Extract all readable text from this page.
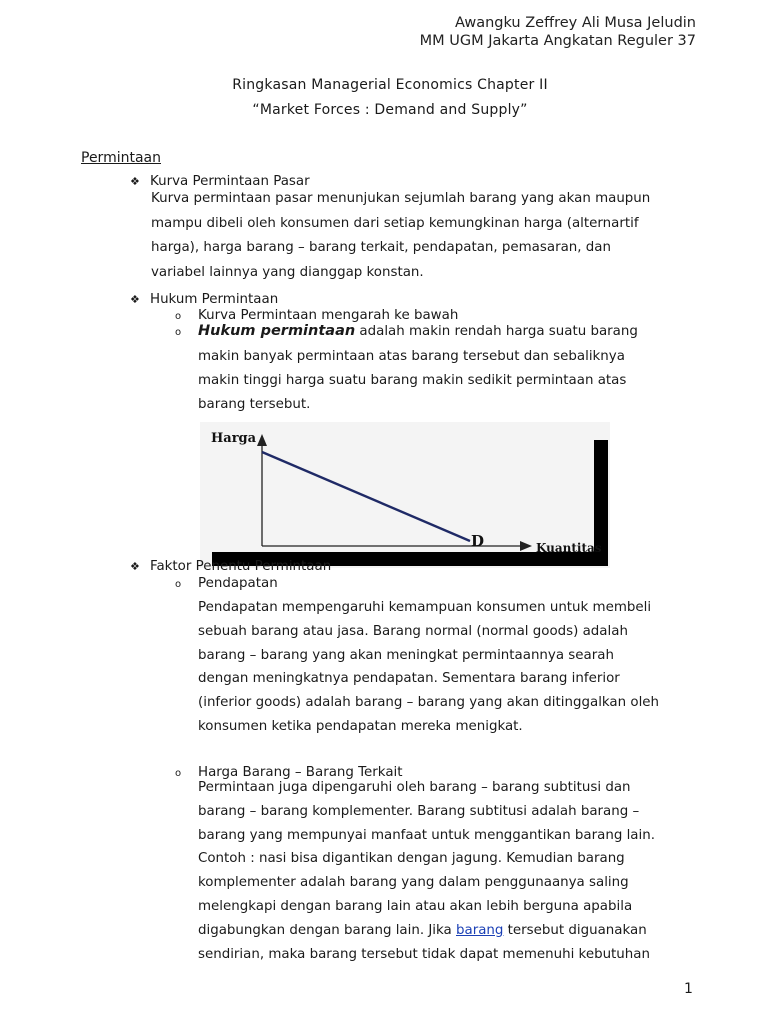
Awangku Zeffrey Ali Musa Jeludin
MM UGM Jakarta Angkatan Reguler 37
Ringkasan Managerial Economics Chapter II
“Market Forces : Demand and Supply”
Permintaan
❖ Kurva Permintaan Pasar

Kurva permintaan pasar menunjukan sejumlah barang yang akan maupun

mampu dibeli oleh konsumen dari setiap kemungkinan harga (alternartif

harga), harga barang – barang terkait, pendapatan, pemasaran, dan

variabel lainnya yang dianggap konstan.

❖ Hukum Permintaan
o Kurva Permintaan mengarah ke bawah
o Hukum permintaan adalah makin rendah harga suatu barang

makin banyak permintaan atas barang tersebut dan sebaliknya

makin tinggi harga suatu barang makin sedikit permintaan atas

barang tersebut.

Harga
Kuantitas
D
❖ Faktor Penentu Permintaan
o Pendapatan

Pendapatan mempengaruhi kemampuan konsumen untuk membeli

sebuah barang atau jasa. Barang normal (normal goods) adalah

barang – barang yang akan meningkat permintaannya searah

dengan meningkatnya pendapatan. Sementara barang inferior

(inferior goods) adalah barang – barang yang akan ditinggalkan oleh

konsumen ketika pendapatan mereka menigkat.

o Harga Barang – Barang Terkait

Permintaan juga dipengaruhi oleh barang – barang subtitusi dan

barang – barang komplementer. Barang subtitusi adalah barang –

barang yang mempunyai manfaat untuk menggantikan barang lain.

Contoh : nasi bisa digantikan dengan jagung. Kemudian barang

komplementer adalah barang yang dalam penggunaanya saling

melengkapi dengan barang lain atau akan lebih berguna apabila

digabungkan dengan barang lain. Jika barang tersebut diguanakan

sendirian, maka barang tersebut tidak dapat memenuhi kebutuhan

1
